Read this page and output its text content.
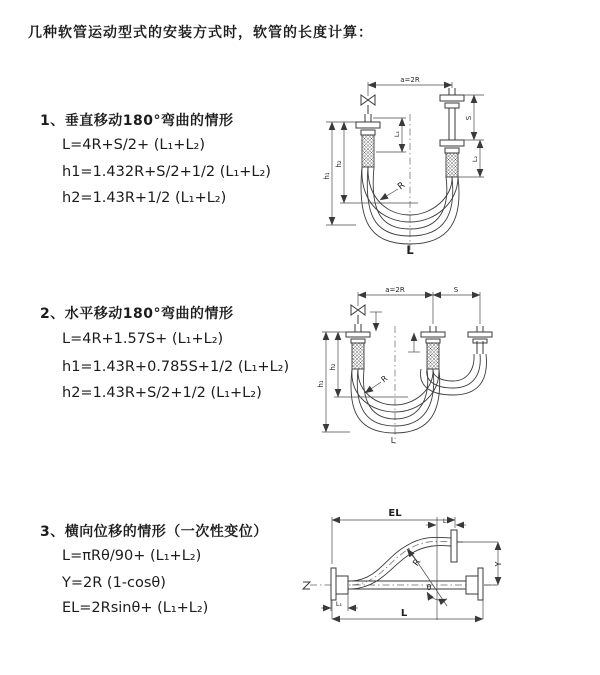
几种软管运动型式的安装方式时，软管的长度计算：
1、垂直移动180°弯曲的情形
L=4R+S/2+ (L₁+L₂)
h1=1.432R+S/2+1/2 (L₁+L₂)
h2=1.43R+1/2 (L₁+L₂)
2、水平移动180°弯曲的情形
L=4R+1.57S+ (L₁+L₂)
h1=1.43R+0.785S+1/2 (L₁+L₂)
h2=1.43R+S/2+1/2 (L₁+L₂)
3、横向位移的情形（一次性变位）
L=πRθ/90+ (L₁+L₂)
Y=2R (1-cosθ)
EL=2Rsinθ+ (L₁+L₂)
a=2R
L₁
S
L₂
h₁
h₂
R
L
a=2R	S
h₁
h₂
R
L
θ
R
EL
L₂
Y
L₁
L
